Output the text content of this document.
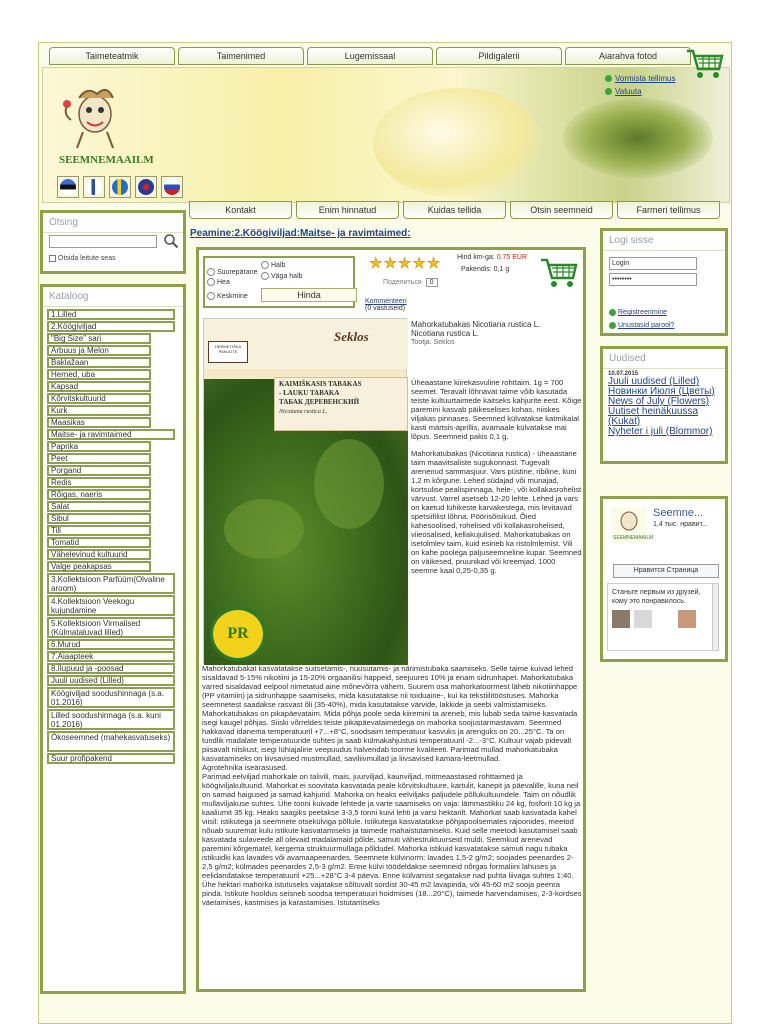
Taimeteatmik	Taimenimed	Lugemissaal	Pildigalerii	Aiarahva fotod
SEEMNEMAAILM
Vormista tellimus
Valuuta
Kontakt	Enim hinnatud	Kuidas tellida	Otsin seemneid	Farmeri tellimus
Otsing
Otsida leitute seas
Kataloog
1.Lilled
2.Köögiviljad
"Big Size" sari
Arbuus ja Melon
Baklažaan
Herned, uba
Kapsad
Kõrvitskultuurid
Kurk
Maasikas
Maitse- ja ravimtaimed
Paprika
Peet
Porgand
Redis
Rõigas, naeris
Salat
Sibul
Till
Tomatid
Vähelevinud kultuurid
Valge peakapsas
3.Kollektsioon Parfüüm(Olvaline aroom)
4.Kollektsioon Veekogu kujundamine
5.Kollektsioon Virmalised (Külmataluvad lilled)
6.Murud
7.Aiaapteek
8.Ilupuud ja -poosad
Juuli uudised (Lilled)
Köögiviljad soodushinnaga (s.a. 01.2016)
Lilled soodushinnaga (s.a. kuni 01.2016)
Ökoseemned (mahekasvatuseks)
Suur profipakend
Peamine:2.Köögiviljad:Maitse- ja ravimtaimed:
Suurepärane
Hea
Keskmine
Halb
Väga halb
Hinda
★ ★ ★ ★ ★
Поделиться	0
Hind km-ga: 0.75 EUR
Pakendis: 0,1 g
Kommenteeri
(0 vastuseid)
HERMETIŠKA PAKUOTĖ
Seklos
KAIMIŠKASIS TABAKAS
- LAUKU TABAKA
ТАБАК ДЕРЕВЕНСКИЙ
Nicotiana rustica L.
PR
Mahorkatubakas Nicotiana rustica L.
Nicotiana rustica L.
Tootja: Seklos

Üheaastane kiirekasvuline rohttaim. 1g = 700 seemet. Teravalt lõhnavat taime võib kasutada teiste kultuurtaimede kaitseks kahjurite eest. Kõige paremini kasvab päikeselises kohas, niiskes viljakas pinnases. Seemned külvatakse katmikalal kasti märtsis-aprillis, avamaale külvatakse mai lõpus. Seemneid pakis 0,1 g.

Mahorkatubakas (Nicotiana rustica) - üheaastane taim maavitsaliste sugukonnast. Tugevalt arenenud sammasjuur. Vars püstine, ribiline, kuni 1,2 m kõrgune. Lehed südajad või munajad, kortsulise pealispinnaga, hele-, või kollakasrohelist värvust. Varrel asetseb 12-20 lehte. Lehed ja vars on kaetud lühikeste karvakestega, mis levitavad spetsiifilist lõhna. Pöörisõisikud. Õied kahesoolised, rohelised või kollakasrohelised, viieosalised, kellakujulised. Mahorkatubakas on isetolmlev taim, kuid esineb ka ristolmlemist. Vili on kahe poolega paljuseemneline kupar. Seemned on väikesed, pruunikad või kreemjad. 1000 seemne kaal 0,25-0,35 g.

Mahorkatubakat kasvatatakse suitsetamis-, nuusutamis- ja närimistubaka saamiseks. Selle taime kuivad lehed sisaldavad 5-15% nikotiini ja 15-20% orgaanilisi happeid, seejuures 10% ja enam sidrunhapet. Mahorkatubaka varred sisaldavad eelpool nimetatud aine mõnevõrra vähem. Suurem osa mahorkatoormest läheb nikotiinhappe (PP vitamiin) ja sidrunhappe saamiseks, mida kasutatakse nii toiduaine-, kui ka tekstiilitööstuses. Mahorka seemnetest saadakse rasvast õli (35-40%), mida kasutatakse värvide, lakkide ja seebi valmistamiseks. Mahorkatubakas on pikapäevataim. Mida põhja poole seda kiiremini ta areneb, mis lubab seda taime kasvatada isegi kaugel põhjas. Siiski võrreldes teiste pikapäevataimedega on mahorka soojustarmastavam. Seemned hakkavad idanema temperatuuril +7...+8°C, soodsaim temperatuur kasvuks ja arenguks on 20...25°C. Ta on tundlik madalate temperatuuride suhtes ja saab külmakahjustusi temperatuuril -2...-3°C. Kultuur vajab pidevalt piisavalt niiskust, isegi lühiajaline veepuudus halvendab toorme kvaliteeti. Parimad mullad mahorkatubaka kasvatamiseks on liivsavised mustmullad, saviliivmullad ja liivsavised kamara-leetmullad.

Agrotehnika iseärasused.

Parimad eelviljad mahorkale on talivili, mais, juurviljad, kaunviljad, mitmeaastased rohttaimed ja köögiviljakultuurid. Mahorkat ei soovitata kasvatada peale kõrvitskultuure, kartulit, kanepit ja päevalille, kuna neil on samad haigused ja samad kahjurid. Mahorka on heaks eelviljaks paljudele põllukultuuridele. Taim on nõudlik mullaviljakuse suhtes. Ühe tonni kuivade lehtede ja varte saamiseks on vaja: lämmastikku 24 kg, fosforit 10 kg ja kaaliumit 35 kg. Heaks saagiks peetakse 3-3,5 tonni kuivi lehti ja varsi hektarilt. Mahorkat saab kasvatada kahel viisil: istikutega ja seemnete otsekülviga põllule. Istikutega kasvatatakse põhjapoolsemates rajoonides, meetod nõuab suuremat kulu istikute kasvatamiseks ja taimede mahaistutamiseks. Kuid selle meetodi kasutamisel saab kasvatada sulaveede all olevaid madalamaid põlde, samuti vähestruktuurseid muldi. Seemkud arenevad paremini kõrgematel, kergema struktuurmullaga põldudel. Mahorka istikuid kasvatatakse samuti nagu tubaka istikuidki kas lavades või avamaapeenardes. Seemnete külvinorm: lavades 1,5-2 g/m2; soojades peenardes 2-2,5 g/m2; külmades peenardes 2,5-3 g/m2. Enne külvi töödeldakse seemneid nõrgas formaliini lahuses ja eelidandatakse temperatuuril +25...+28°C 3-4 päeva. Enne külvamist segatakse nad puhta liivaga suhtes 1:40. Ühe hektari mahorka istutuseks vajatakse sõltuvalt sordist 30-45 m2 lavapinda, või 45-60 m2 sooja peenra pinda. Istikute hooldus seisneb soodsa temperatuuri hoidmises (18...20°C), taimede harvendamises, 2-3-kordses väetamises, kastmises ja karastamises. Istutamiseks

Logi sisse
Login
••••••••
Registreerimine
Unustasid parool?
Uudised
10.07.2015
Juuli uudised (Lilled)
Новинки Июля (Цветы)
News of July (Flowers)
Uutiset heinäkuussa (Kukat)
Nyheter i juli (Blommor)
SEEMNEMAAILM
Seemne...
1,4 тыс. нравит...
Нравится Страница
Станьте первым из друзей, кому это понравилось.
